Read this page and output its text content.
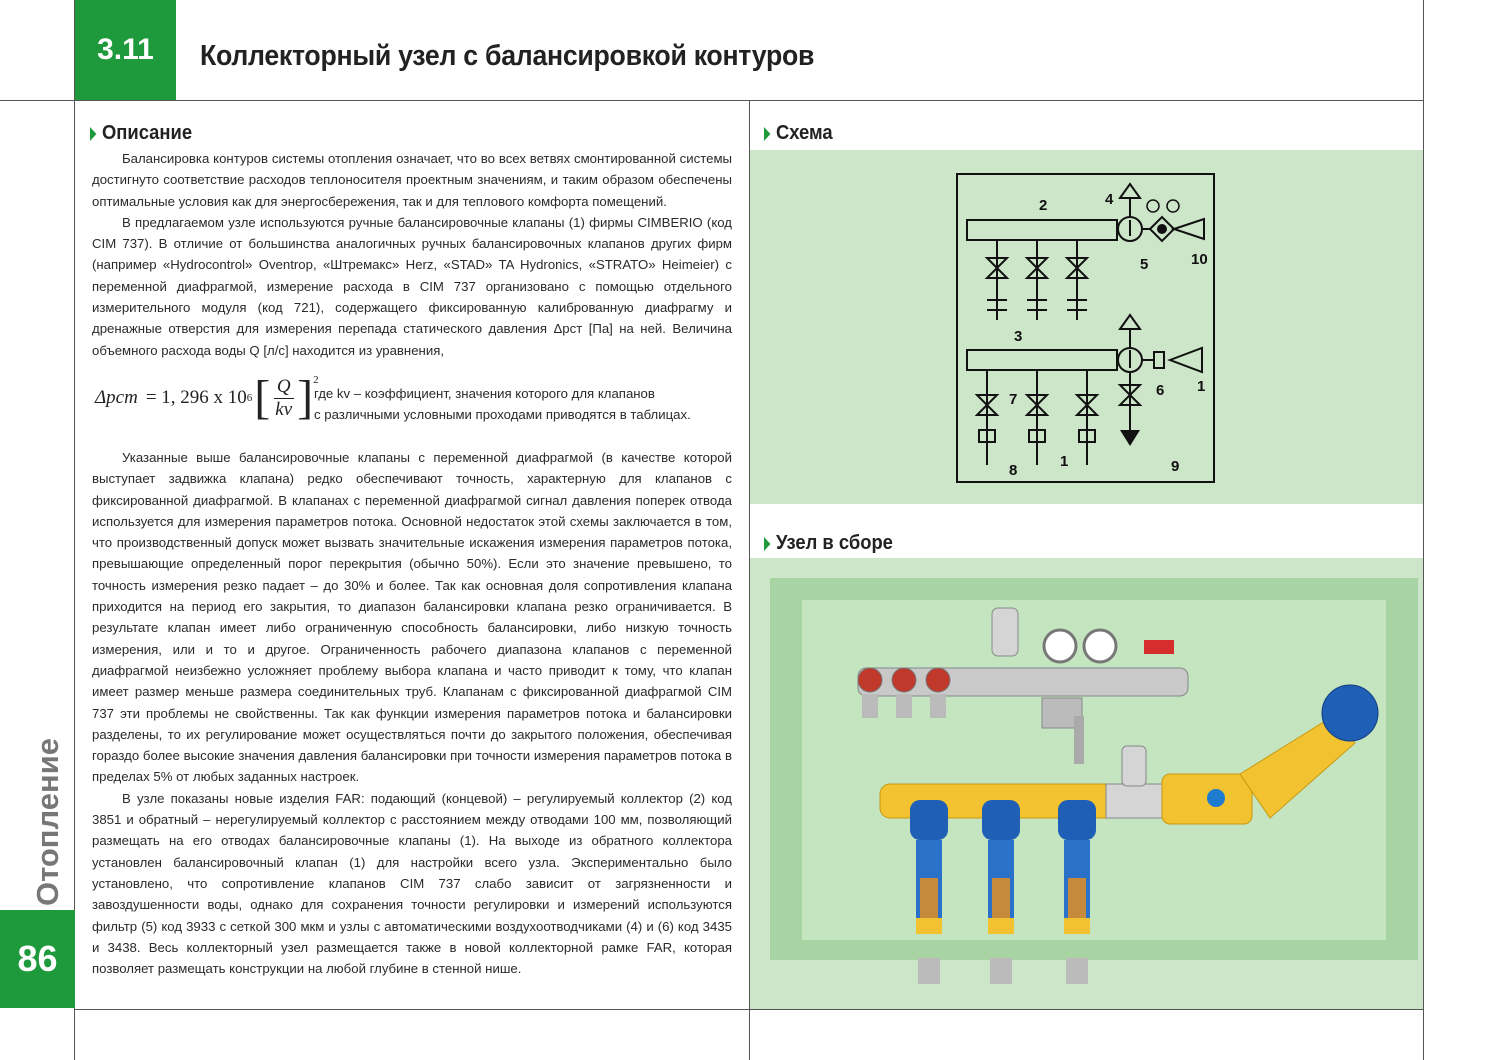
3.11	Коллекторный узел с балансировкой контуров
Отопление
86
Описание

Балансировка контуров системы отопления означает, что во всех ветвях смонтированной системы достигнуто соответствие расходов теплоносителя проектным значениям, и таким образом обеспечены оптимальные условия как для энергосбережения, так и для теплового комфорта помещений.

В предлагаемом узле используются ручные балансировочные клапаны (1) фирмы CIMBERIO (код CIM 737). В отличие от большинства аналогичных ручных балансировочных клапанов других фирм (например «Hydrocontrol» Oventrop, «Штремакс» Herz, «STAD» TA Hydronics, «STRATO» Heimeier) с переменной диафрагмой, измерение расхода в CIM 737 организовано с помощью отдельного измерительного модуля (код 721), содержащего фиксированную калиброванную диафрагму и дренажные отверстия для измерения перепада статического давления Δpст [Па] на ней. Величина объемного расхода воды Q [л/с] находится из уравнения,

Δpст = 1, 296 x 10 6 [ $\frac{Q}{kv} ]^2$
где kv – коэффициент, значения которого для клапанов
с различными условными проходами приводятся в таблицах.

Указанные выше балансировочные клапаны с переменной диафрагмой (в качестве которой выступает задвижка клапана) редко обеспечивают точность, характерную для клапанов с фиксированной диафрагмой. В клапанах с переменной диафрагмой сигнал давления поперек отвода используется для измерения параметров потока. Основной недостаток этой схемы заключается в том, что производственный допуск может вызвать значительные искажения измерения параметров потока, превышающие определенный порог перекрытия (обычно 50%). Если это значение превышено, то точность измерения резко падает – до 30% и более. Так как основная доля сопротивления клапана приходится на период его закрытия, то диапазон балансировки клапана резко ограничивается. В результате клапан имеет либо ограниченную способность балансировки, либо низкую точность измерения, или и то и другое. Ограниченность рабочего диапазона клапанов с переменной диафрагмой неизбежно усложняет проблему выбора клапана и часто приводит к тому, что клапан имеет размер меньше размера соединительных труб. Клапанам с фиксированной диафрагмой CIM 737 эти проблемы не свойственны. Так как функции измерения параметров потока и балансировки разделены, то их регулирование может осуществляться почти до закрытого положения, обеспечивая гораздо более высокие значения давления балансировки при точности измерения параметров потока в пределах 5% от любых заданных настроек.

В узле показаны новые изделия FAR: подающий (концевой) – регулируемый коллектор (2) код 3851 и обратный – нерегулируемый коллектор с расстоянием между отводами 100 мм, позволяющий размещать на его отводах балансировочные клапаны (1). На выходе из обратного коллектора установлен балансировочный клапан (1) для настройки всего узла. Экспериментально было установлено, что сопротивление клапанов CIM 737 слабо зависит от загрязненности и завоздушенности воды, однако для сохранения точности регулировки и измерений используются фильтр (5) код 3933 с сеткой 300 мкм и узлы с автоматическими воздухоотводчиками (4) и (6) код 3435 и 3438. Весь коллекторный узел размещается также в новой коллекторной рамке FAR, которая позволяет размещать конструкции на любой глубине в стенной нише.

Схема
2	4
5	10
3
6 1
7
8
1	9
Узел в сборе
